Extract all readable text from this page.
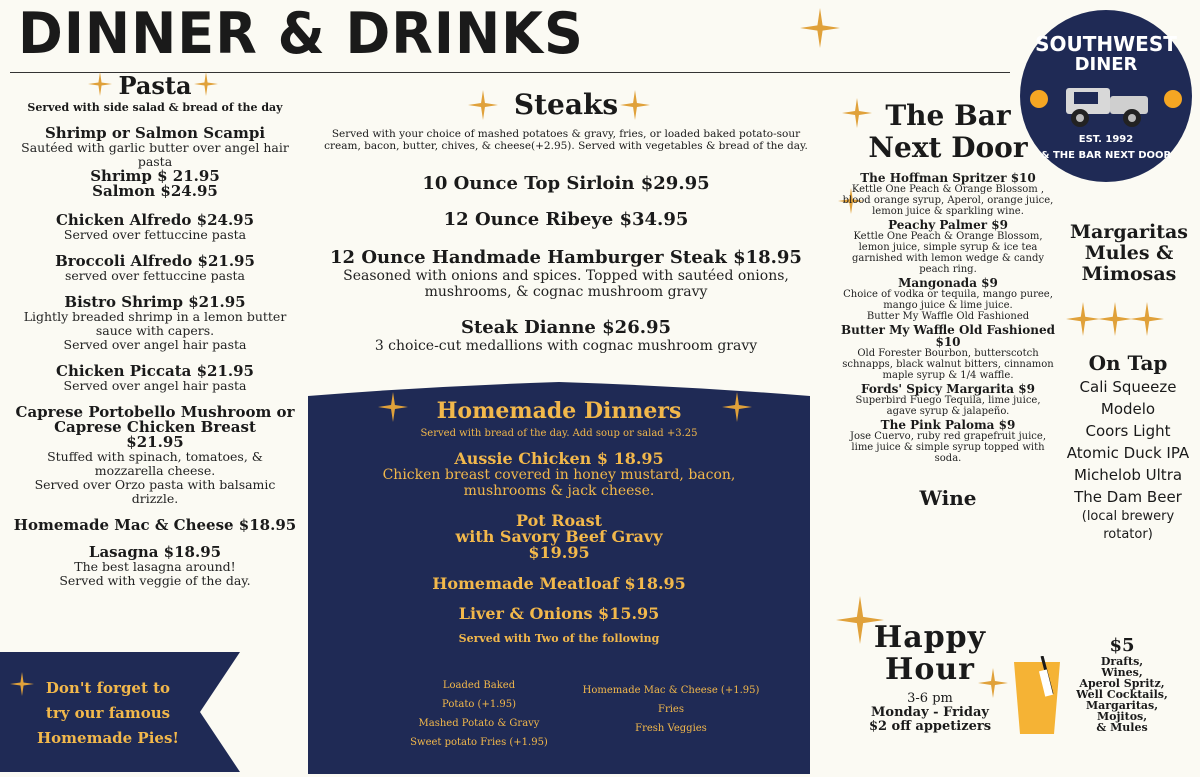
DINNER & DRINKS	SOUTHWEST
DINER
EST. 1992
& THE BAR NEXT DOOR
Pasta
Served with side salad & bread of the day
Shrimp or Salmon Scampi
Sautéed with garlic butter over angel hair pasta
Shrimp $ 21.95
Salmon $24.95
Chicken Alfredo $24.95
Served over fettuccine pasta
Broccoli Alfredo $21.95
served over fettuccine pasta
Bistro Shrimp $21.95
Lightly breaded shrimp in a lemon butter sauce with capers.
Served over angel hair pasta
Chicken Piccata $21.95
Served over angel hair pasta
Caprese Portobello Mushroom or Caprese Chicken Breast
$21.95
Stuffed with spinach, tomatoes, & mozzarella cheese.
Served over Orzo pasta with balsamic drizzle.
Homemade Mac & Cheese $18.95
Lasagna $18.95
The best lasagna around!
Served with veggie of the day.
Don't forget to
try our famous
Homemade Pies!
Steaks
Served with your choice of mashed potatoes & gravy, fries, or loaded baked potato-sour cream, bacon, butter, chives, & cheese(+2.95). Served with vegetables & bread of the day.
10 Ounce Top Sirloin $29.95
12 Ounce Ribeye $34.95
12 Ounce Handmade Hamburger Steak $18.95
Seasoned with onions and spices. Topped with sautéed onions, mushrooms, & cognac mushroom gravy
Steak Dianne $26.95
3 choice-cut medallions with cognac mushroom gravy
Homemade Dinners
Served with bread of the day. Add soup or salad +3.25
Aussie Chicken $ 18.95
Chicken breast covered in honey mustard, bacon, mushrooms & jack cheese.
Pot Roast
with Savory Beef Gravy
$19.95
Homemade Meatloaf $18.95
Liver & Onions $15.95
Served with Two of the following
Loaded Baked
Potato (+1.95)
Mashed Potato & Gravy
Sweet potato Fries (+1.95)
Homemade Mac & Cheese (+1.95)
Fries
Fresh Veggies
The Bar
Next Door
The Hoffman Spritzer $10
Kettle One Peach & Orange Blossom , blood orange syrup, Aperol, orange juice, lemon juice & sparkling wine.
Peachy Palmer $9
Kettle One Peach & Orange Blossom, lemon juice, simple syrup & ice tea garnished with lemon wedge & candy peach ring.
Mangonada $9
Choice of vodka or tequila, mango puree, mango juice & lime juice.
Butter My Waffle Old Fashioned
Butter My Waffle Old Fashioned
$10
Old Forester Bourbon, butterscotch schnapps, black walnut bitters, cinnamon maple syrup & 1/4 waffle.
Fords' Spicy Margarita $9
Superbird Fuego Tequila, lime juice, agave syrup & jalapeño.
The Pink Paloma $9
Jose Cuervo, ruby red grapefruit juice, lime juice & simple syrup topped with soda.
Wine
Margaritas
Mules &
Mimosas
On Tap
Cali Squeeze
Modelo
Coors Light
Atomic Duck IPA
Michelob Ultra
The Dam Beer
(local brewery
rotator)
Happy
Hour
3-6 pm
Monday - Friday
$2 off appetizers
$5
Drafts,
Wines,
Aperol Spritz,
Well Cocktails,
Margaritas,
Mojitos,
& Mules
